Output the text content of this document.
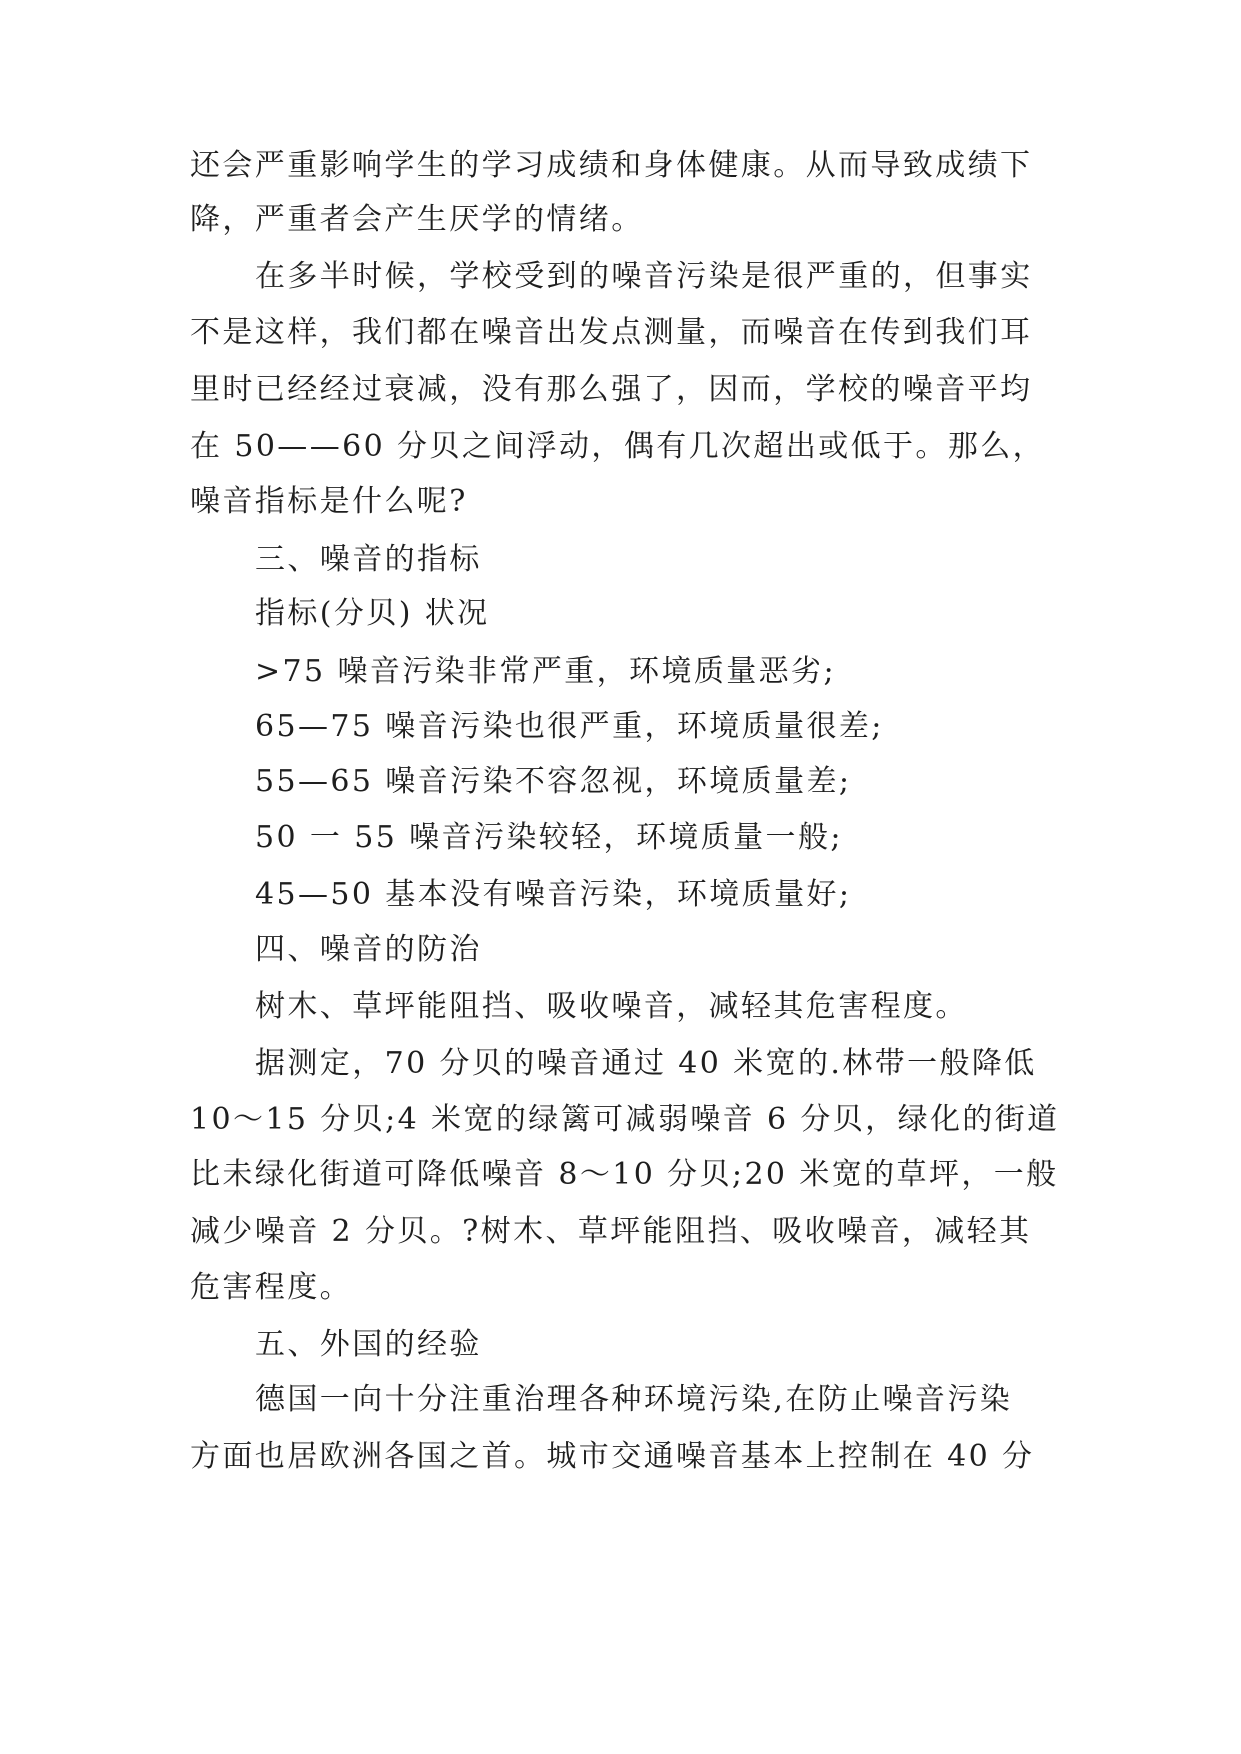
还会严重影响学生的学习成绩和身体健康。从而导致成绩下
降，严重者会产生厌学的情绪。
在多半时候，学校受到的噪音污染是很严重的，但事实
不是这样，我们都在噪音出发点测量，而噪音在传到我们耳
里时已经经过衰减，没有那么强了，因而，学校的噪音平均
在 50——60 分贝之间浮动，偶有几次超出或低于。那么，
噪音指标是什么呢?
三、噪音的指标
指标(分贝) 状况
>75 噪音污染非常严重，环境质量恶劣;
65—75 噪音污染也很严重，环境质量很差;
55—65 噪音污染不容忽视，环境质量差;
50 一 55 噪音污染较轻，环境质量一般;
45—50 基本没有噪音污染，环境质量好;
四、噪音的防治
树木、草坪能阻挡、吸收噪音，减轻其危害程度。
据测定，70 分贝的噪音通过 40 米宽的.林带一般降低
10～15 分贝;4 米宽的绿篱可减弱噪音 6 分贝，绿化的街道
比未绿化街道可降低噪音 8～10 分贝;20 米宽的草坪，一般
减少噪音 2 分贝。?树木、草坪能阻挡、吸收噪音，减轻其
危害程度。
五、外国的经验
德国一向十分注重治理各种环境污染,在防止噪音污染
方面也居欧洲各国之首。城市交通噪音基本上控制在 40 分
